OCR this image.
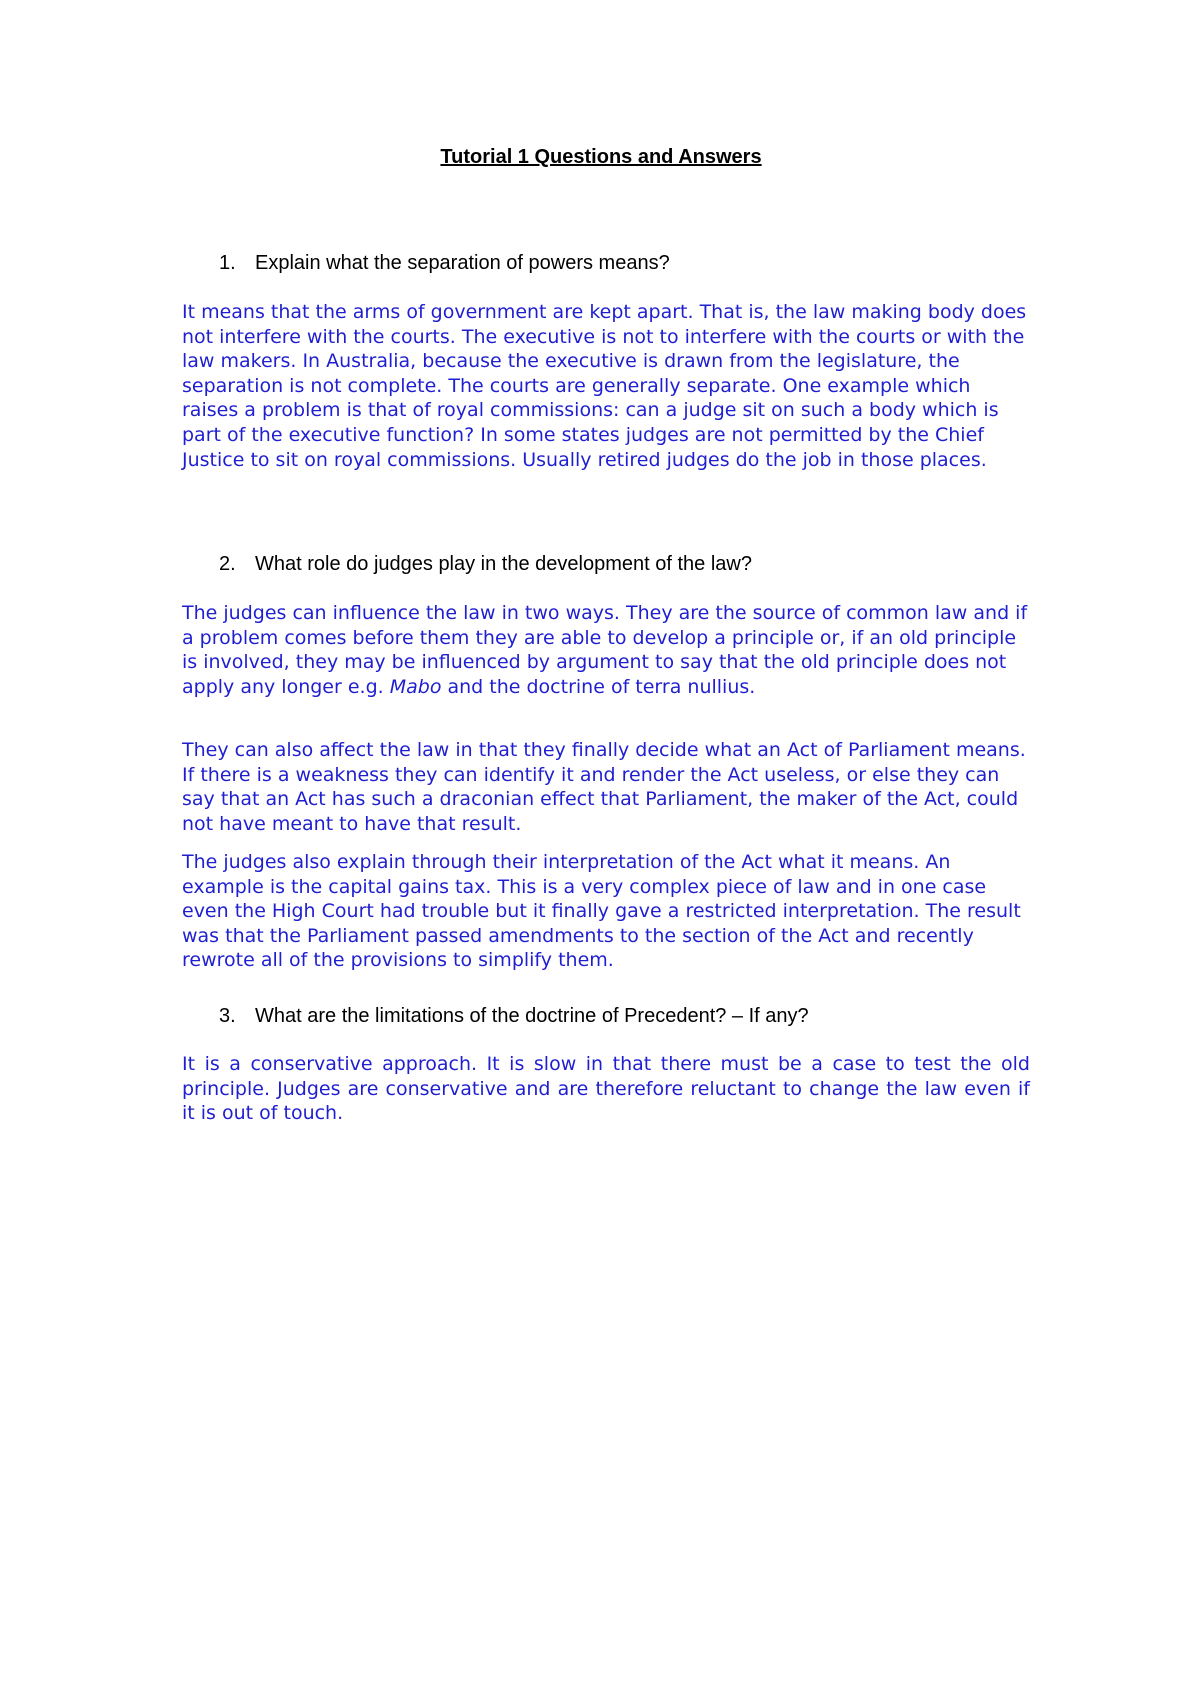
Tutorial 1 Questions and Answers

1. Explain what the separation of powers means?

It means that the arms of government are kept apart. That is, the law making body does not interfere with the courts. The executive is not to interfere with the courts or with the law makers. In Australia, because the executive is drawn from the legislature, the separation is not complete. The courts are generally separate. One example which raises a problem is that of royal commissions: can a judge sit on such a body which is part of the executive function? In some states judges are not permitted by the Chief Justice to sit on royal commissions. Usually retired judges do the job in those places.

2. What role do judges play in the development of the law?

The judges can influence the law in two ways. They are the source of common law and if a problem comes before them they are able to develop a principle or, if an old principle is involved, they may be influenced by argument to say that the old principle does not apply any longer e.g. Mabo and the doctrine of terra nullius.

They can also affect the law in that they finally decide what an Act of Parliament means. If there is a weakness they can identify it and render the Act useless, or else they can say that an Act has such a draconian effect that Parliament, the maker of the Act, could not have meant to have that result.

The judges also explain through their interpretation of the Act what it means. An example is the capital gains tax. This is a very complex piece of law and in one case even the High Court had trouble but it finally gave a restricted interpretation. The result was that the Parliament passed amendments to the section of the Act and recently rewrote all of the provisions to simplify them.

3. What are the limitations of the doctrine of Precedent? – If any?

It is a conservative approach. It is slow in that there must be a case to test the old principle. Judges are conservative and are therefore reluctant to change the law even if it is out of touch.
